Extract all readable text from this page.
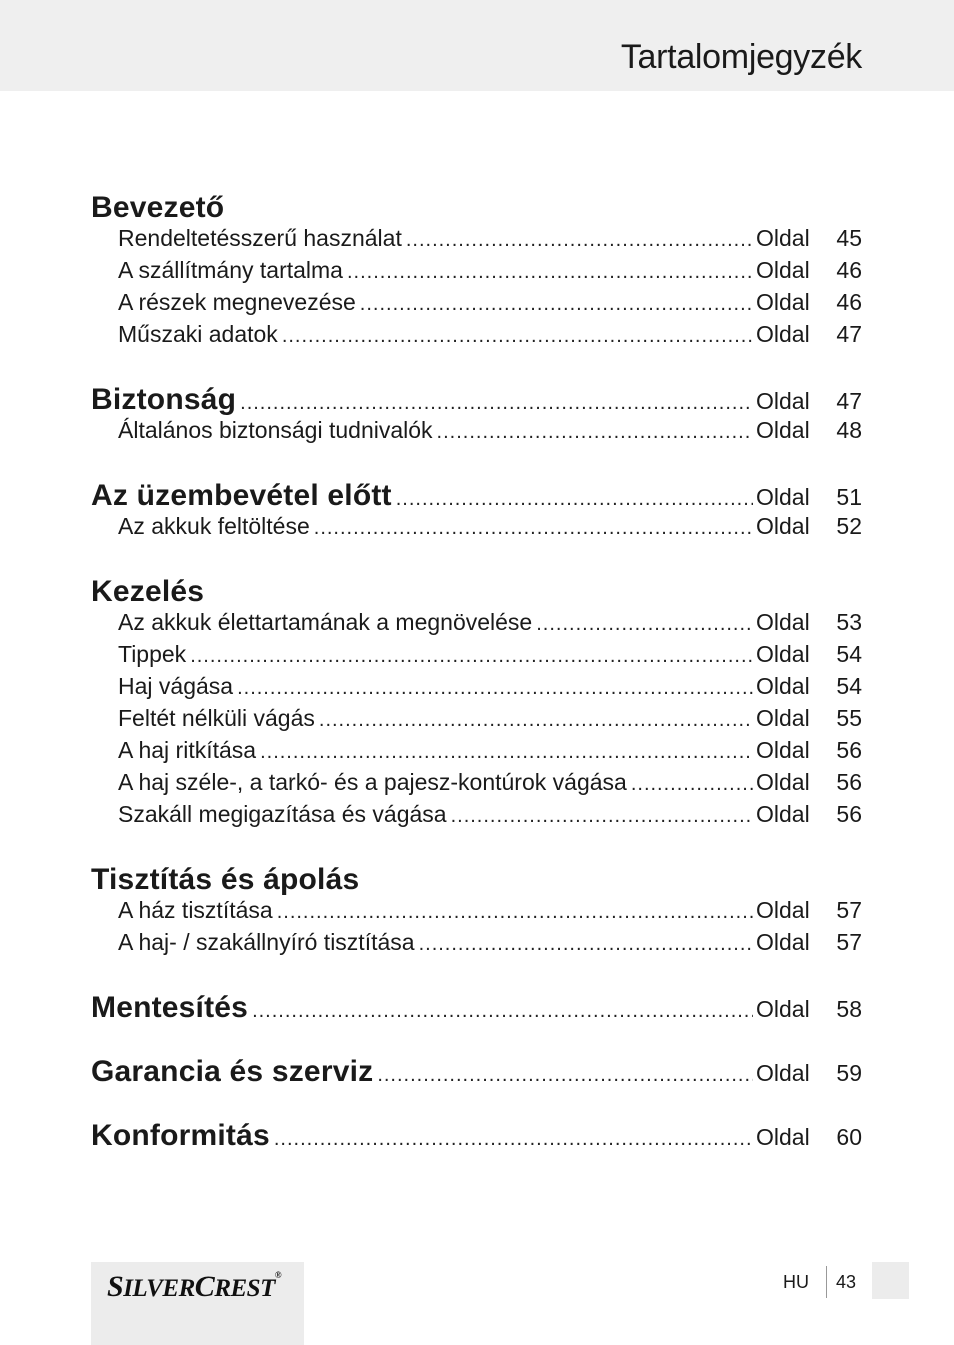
Tartalomjegyzék
Bevezető
Rendeltetésszerű használat .....	Oldal	45
A szállítmány tartalma .....	Oldal	46
A részek megnevezése .....	Oldal	46
Műszaki adatok .....	Oldal	47
Biztonság .....	Oldal	47
Általános biztonsági tudnivalók .....	Oldal	48
Az üzembevétel előtt .....	Oldal	51
Az akkuk feltöltése .....	Oldal	52
Kezelés
Az akkuk élettartamának a megnövelése .....	Oldal	53
Tippek .....	Oldal	54
Haj vágása .....	Oldal	54
Feltét nélküli vágás .....	Oldal	55
A haj ritkítása .....	Oldal	56
A haj széle-, a tarkó- és a pajesz-kontúrok vágása .....	Oldal	56
Szakáll megigazítása és vágása .....	Oldal	56
Tisztítás és ápolás
A ház tisztítása .....	Oldal	57
A haj- / szakállnyíró tisztítása .....	Oldal	57
Mentesítés .....	Oldal	58
Garancia és szerviz .....	Oldal	59
Konformitás .....	Oldal	60
SILVERCREST®	HU 43
